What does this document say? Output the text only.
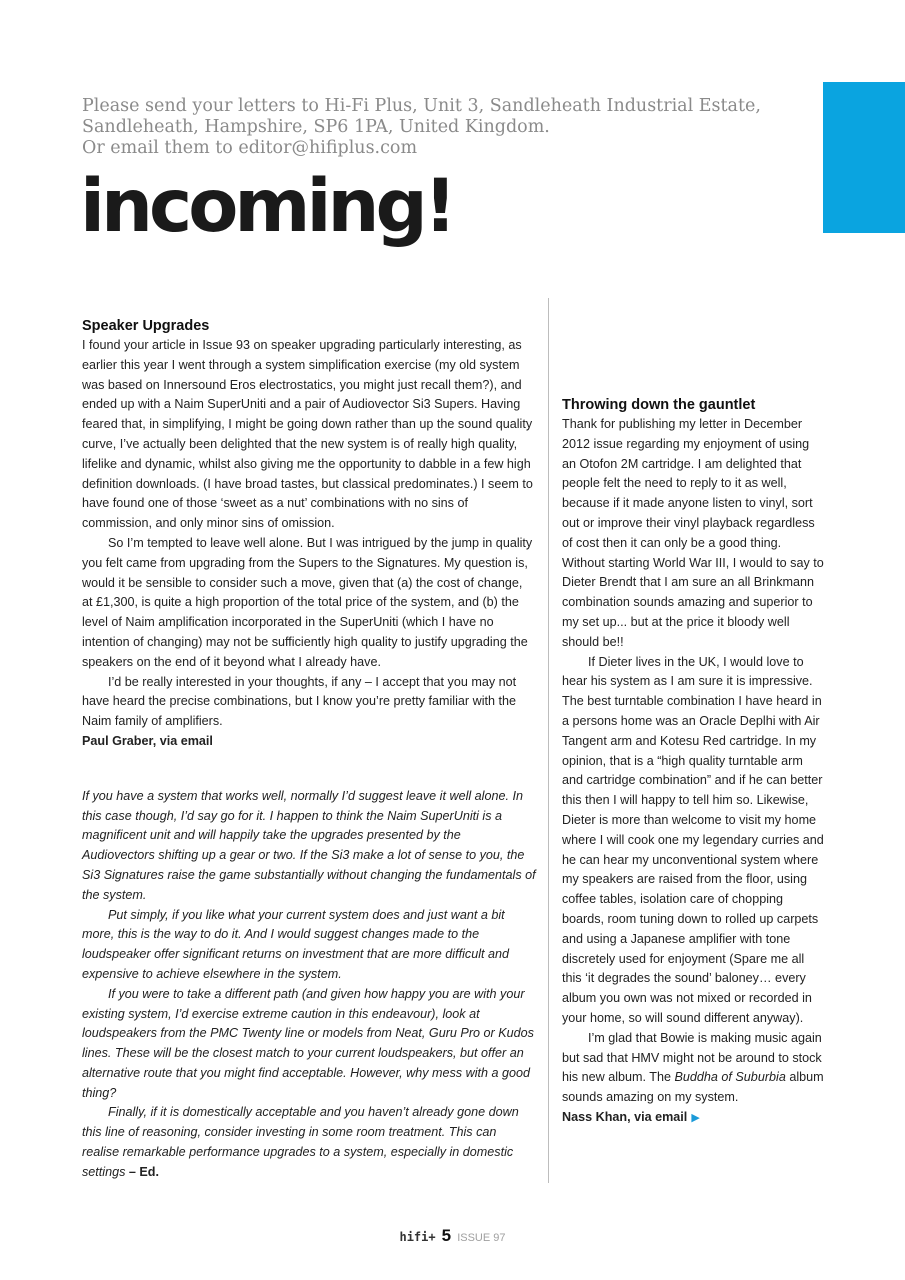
Please send your letters to Hi-Fi Plus, Unit 3, Sandleheath Industrial Estate,
Sandleheath, Hampshire, SP6 1PA, United Kingdom.
Or email them to editor@hifiplus.com
incoming!
Speaker Upgrades

I found your article in Issue 93 on speaker upgrading particularly interesting, as earlier this year I went through a system simplification exercise (my old system was based on Innersound Eros electrostatics, you might just recall them?), and ended up with a Naim SuperUniti and a pair of Audiovector Si3 Supers. Having feared that, in simplifying, I might be going down rather than up the sound quality curve, I’ve actually been delighted that the new system is of really high quality, lifelike and dynamic, whilst also giving me the opportunity to dabble in a few high definition downloads. (I have broad tastes, but classical predominates.) I seem to have found one of those ‘sweet as a nut’ combinations with no sins of commission, and only minor sins of omission.

So I’m tempted to leave well alone. But I was intrigued by the jump in quality you felt came from upgrading from the Supers to the Signatures. My question is, would it be sensible to consider such a move, given that (a) the cost of change, at £1,300, is quite a high proportion of the total price of the system, and (b) the level of Naim amplification incorporated in the SuperUniti (which I have no intention of changing) may not be sufficiently high quality to justify upgrading the speakers on the end of it beyond what I already have.

I’d be really interested in your thoughts, if any – I accept that you may not have heard the precise combinations, but I know you’re pretty familiar with the Naim family of amplifiers.

Paul Graber, via email

If you have a system that works well, normally I’d suggest leave it well alone. In this case though, I’d say go for it. I happen to think the Naim SuperUniti is a magnificent unit and will happily take the upgrades presented by the Audiovectors shifting up a gear or two. If the Si3 make a lot of sense to you, the Si3 Signatures raise the game substantially without changing the fundamentals of the system.

Put simply, if you like what your current system does and just want a bit more, this is the way to do it. And I would suggest changes made to the loudspeaker offer significant returns on investment that are more difficult and expensive to achieve elsewhere in the system.

If you were to take a different path (and given how happy you are with your existing system, I’d exercise extreme caution in this endeavour), look at loudspeakers from the PMC Twenty line or models from Neat, Guru Pro or Kudos lines. These will be the closest match to your current loudspeakers, but offer an alternative route that you might find acceptable. However, why mess with a good thing?

Finally, if it is domestically acceptable and you haven’t already gone down this line of reasoning, consider investing in some room treatment. This can realise remarkable performance upgrades to a system, especially in domestic settings – Ed.

Throwing down the gauntlet

Thank for publishing my letter in December 2012 issue regarding my enjoyment of using an Otofon 2M cartridge. I am delighted that people felt the need to reply to it as well, because if it made anyone listen to vinyl, sort out or improve their vinyl playback regardless of cost then it can only be a good thing. Without starting World War III, I would to say to Dieter Brendt that I am sure an all Brinkmann combination sounds amazing and superior to my set up... but at the price it bloody well should be!!

If Dieter lives in the UK, I would love to hear his system as I am sure it is impressive. The best turntable combination I have heard in a persons home was an Oracle Deplhi with Air Tangent arm and Kotesu Red cartridge. In my opinion, that is a “high quality turntable arm and cartridge combination” and if he can better this then I will happy to tell him so. Likewise, Dieter is more than welcome to visit my home where I will cook one my legendary curries and he can hear my unconventional system where my speakers are raised from the floor, using coffee tables, isolation care of chopping boards, room tuning down to rolled up carpets and using a Japanese amplifier with tone discretely used for enjoyment (Spare me all this ‘it degrades the sound’ baloney… every album you own was not mixed or recorded in your home, so will sound different anyway).

I’m glad that Bowie is making music again but sad that HMV might not be around to stock his new album. The Buddha of Suburbia album sounds amazing on my system.

Nass Khan, via email ▶

hifi+ 5 ISSUE 97
